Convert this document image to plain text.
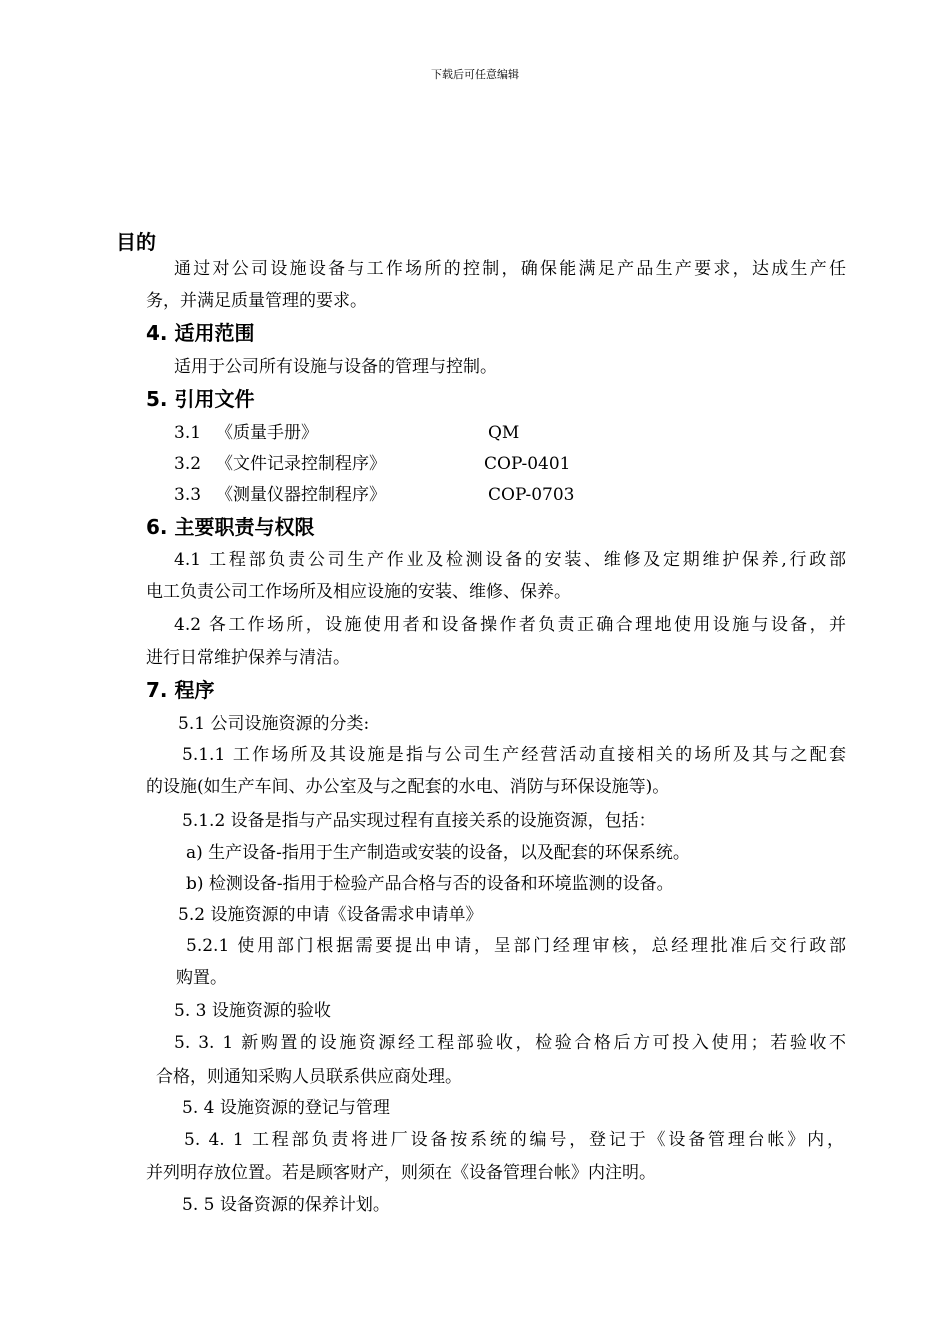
下载后可任意编辑
目的
通过对公司设施设备与工作场所的控制，确保能满足产品生产要求，达成生产任
务，并满足质量管理的要求。
4. 适用范围
适用于公司所有设施与设备的管理与控制。
5. 引用文件
3.1 《质量手册》	QM
3.2 《文件记录控制程序》	COP-0401
3.3 《测量仪器控制程序》	COP-0703
6. 主要职责与权限
4.1 工程部负责公司生产作业及检测设备的安装、维修及定期维护保养,行政部
电工负责公司工作场所及相应设施的安装、维修、保养。
4.2 各工作场所，设施使用者和设备操作者负责正确合理地使用设施与设备，并
进行日常维护保养与清洁。
7. 程序
5.1 公司设施资源的分类:
5.1.1 工作场所及其设施是指与公司生产经营活动直接相关的场所及其与之配套
的设施(如生产车间、办公室及与之配套的水电、消防与环保设施等)。
5.1.2 设备是指与产品实现过程有直接关系的设施资源，包括：
a) 生产设备-指用于生产制造或安装的设备，以及配套的环保系统。
b) 检测设备-指用于检验产品合格与否的设备和环境监测的设备。
5.2 设施资源的申请《设备需求申请单》
5.2.1 使用部门根据需要提出申请，呈部门经理审核，总经理批准后交行政部
购置。
5. 3 设施资源的验收
5. 3. 1 新购置的设施资源经工程部验收，检验合格后方可投入使用；若验收不
合格，则通知采购人员联系供应商处理。
5. 4 设施资源的登记与管理
5. 4. 1 工程部负责将进厂设备按系统的编号，登记于《设备管理台帐》内，
并列明存放位置。若是顾客财产，则须在《设备管理台帐》内注明。
5. 5 设备资源的保养计划。
